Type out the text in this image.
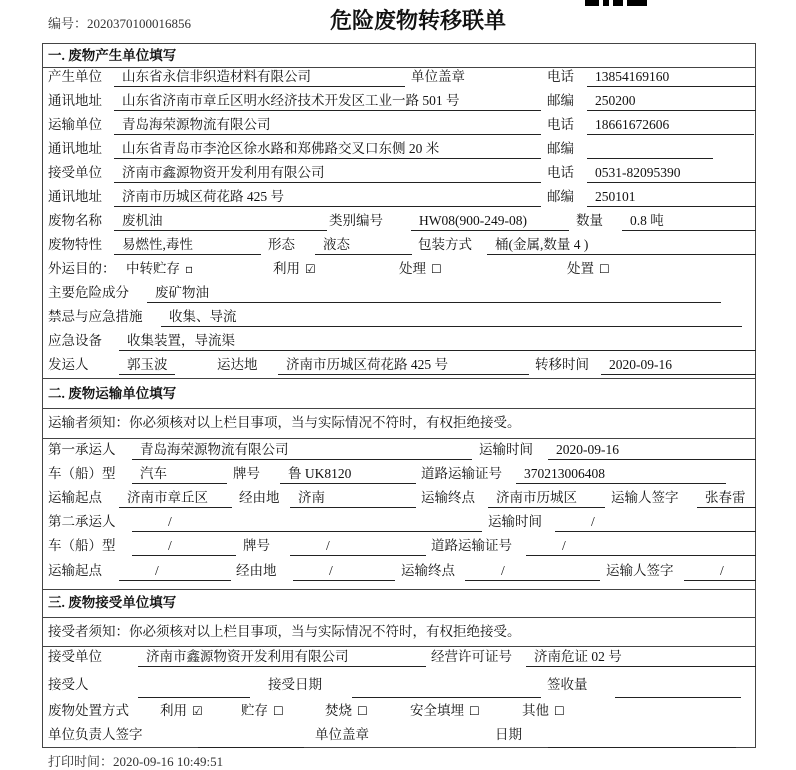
编号：2020370100016856	危险废物转移联单
一. 废物产生单位填写
产生单位	山东省永信非织造材料有限公司	单位盖章	电话	13854169160
通讯地址	山东省济南市章丘区明水经济技术开发区工业一路 501 号	邮编	250200
运输单位	青岛海荣源物流有限公司	电话	18661672606
通讯地址	山东省青岛市李沧区徐水路和郑佛路交叉口东侧 20 米	邮编
接受单位	济南市鑫源物资开发利用有限公司	电话	0531-82095390
通讯地址	济南市历城区荷花路 425 号	邮编	250101
废物名称	废机油	类别编号	HW08(900-249-08)	数量	0.8 吨
废物特性	易燃性,毒性	形态	液态	包装方式	桶(金属,数量 4 )
外运目的： 中转贮存 ▫	利用 ☑	处理 ☐	处置 ☐
主要危险成分	废矿物油
禁忌与应急措施	收集、导流
应急设备	收集装置，导流渠
发运人	郭玉波	运达地	济南市历城区荷花路 425 号	转移时间	2020-09-16
二. 废物运输单位填写
运输者须知：你必须核对以上栏目事项，当与实际情况不符时，有权拒绝接受。
第一承运人	青岛海荣源物流有限公司	运输时间	2020-09-16
车（船）型	汽车	牌号	鲁 UK8120	道路运输证号	370213006408
运输起点	济南市章丘区	经由地	济南	运输终点	济南市历城区	运输人签字	张春雷
第二承运人	/	运输时间	/
车（船）型	/	牌号	/	道路运输证号	/
运输起点	/	经由地	/	运输终点	/	运输人签字	/
三. 废物接受单位填写
接受者须知：你必须核对以上栏目事项，当与实际情况不符时，有权拒绝接受。
接受单位	济南市鑫源物资开发利用有限公司	经营许可证号	济南危证 02 号
接受人	接受日期	签收量
废物处置方式 利用 ☑	贮存 ☐	焚烧 ☐	安全填埋 ☐	其他 ☐
单位负责人签字	单位盖章	日期
打印时间：2020-09-16 10:49:51
